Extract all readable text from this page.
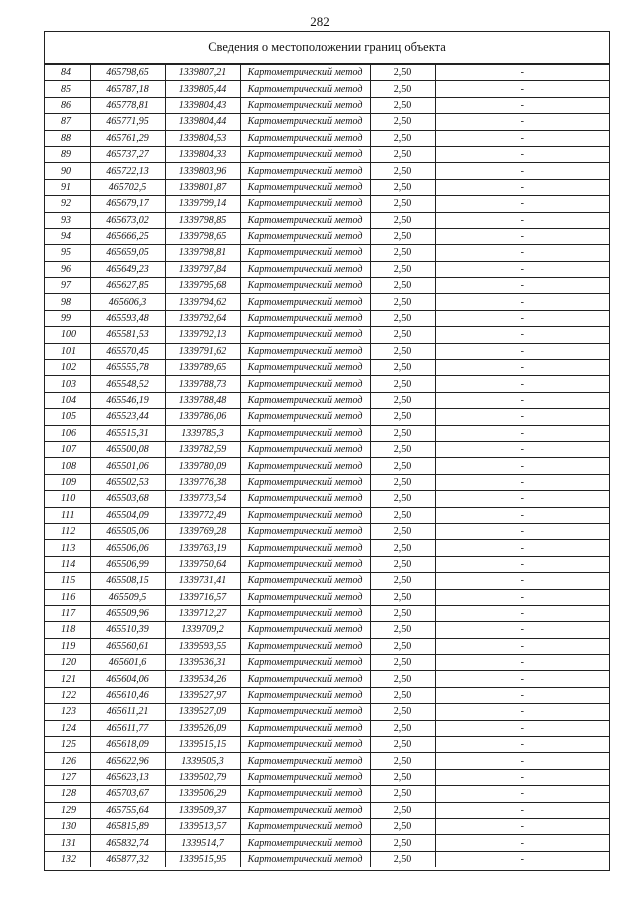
282
Сведения о местоположении границ объекта
84	465798,65	1339807,21	Картометрический метод	2,50	-
85	465787,18	1339805,44	Картометрический метод	2,50	-
86	465778,81	1339804,43	Картометрический метод	2,50	-
87	465771,95	1339804,44	Картометрический метод	2,50	-
88	465761,29	1339804,53	Картометрический метод	2,50	-
89	465737,27	1339804,33	Картометрический метод	2,50	-
90	465722,13	1339803,96	Картометрический метод	2,50	-
91	465702,5	1339801,87	Картометрический метод	2,50	-
92	465679,17	1339799,14	Картометрический метод	2,50	-
93	465673,02	1339798,85	Картометрический метод	2,50	-
94	465666,25	1339798,65	Картометрический метод	2,50	-
95	465659,05	1339798,81	Картометрический метод	2,50	-
96	465649,23	1339797,84	Картометрический метод	2,50	-
97	465627,85	1339795,68	Картометрический метод	2,50	-
98	465606,3	1339794,62	Картометрический метод	2,50	-
99	465593,48	1339792,64	Картометрический метод	2,50	-
100	465581,53	1339792,13	Картометрический метод	2,50	-
101	465570,45	1339791,62	Картометрический метод	2,50	-
102	465555,78	1339789,65	Картометрический метод	2,50	-
103	465548,52	1339788,73	Картометрический метод	2,50	-
104	465546,19	1339788,48	Картометрический метод	2,50	-
105	465523,44	1339786,06	Картометрический метод	2,50	-
106	465515,31	1339785,3	Картометрический метод	2,50	-
107	465500,08	1339782,59	Картометрический метод	2,50	-
108	465501,06	1339780,09	Картометрический метод	2,50	-
109	465502,53	1339776,38	Картометрический метод	2,50	-
110	465503,68	1339773,54	Картометрический метод	2,50	-
111	465504,09	1339772,49	Картометрический метод	2,50	-
112	465505,06	1339769,28	Картометрический метод	2,50	-
113	465506,06	1339763,19	Картометрический метод	2,50	-
114	465506,99	1339750,64	Картометрический метод	2,50	-
115	465508,15	1339731,41	Картометрический метод	2,50	-
116	465509,5	1339716,57	Картометрический метод	2,50	-
117	465509,96	1339712,27	Картометрический метод	2,50	-
118	465510,39	1339709,2	Картометрический метод	2,50	-
119	465560,61	1339593,55	Картометрический метод	2,50	-
120	465601,6	1339536,31	Картометрический метод	2,50	-
121	465604,06	1339534,26	Картометрический метод	2,50	-
122	465610,46	1339527,97	Картометрический метод	2,50	-
123	465611,21	1339527,09	Картометрический метод	2,50	-
124	465611,77	1339526,09	Картометрический метод	2,50	-
125	465618,09	1339515,15	Картометрический метод	2,50	-
126	465622,96	1339505,3	Картометрический метод	2,50	-
127	465623,13	1339502,79	Картометрический метод	2,50	-
128	465703,67	1339506,29	Картометрический метод	2,50	-
129	465755,64	1339509,37	Картометрический метод	2,50	-
130	465815,89	1339513,57	Картометрический метод	2,50	-
131	465832,74	1339514,7	Картометрический метод	2,50	-
132	465877,32	1339515,95	Картометрический метод	2,50	-
